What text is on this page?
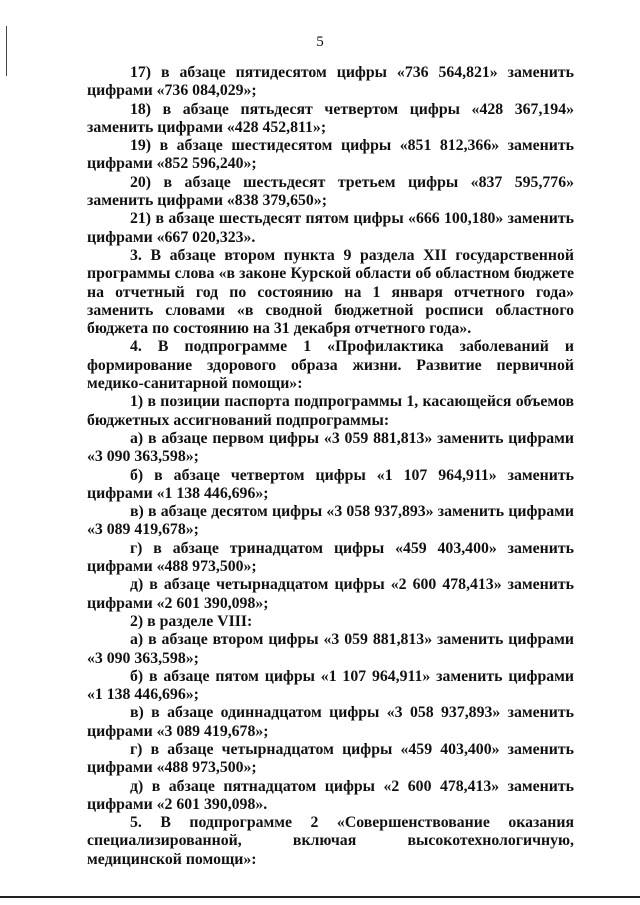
5

17) в абзаце пятидесятом цифры «736 564,821» заменить цифрами «736 084,029»;

18) в абзаце пятьдесят четвертом цифры «428 367,194» заменить цифрами «428 452,811»;

19) в абзаце шестидесятом цифры «851 812,366» заменить цифрами «852 596,240»;

20) в абзаце шестьдесят третьем цифры «837 595,776» заменить цифрами «838 379,650»;

21) в абзаце шестьдесят пятом цифры «666 100,180» заменить цифрами «667 020,323».

3. В абзаце втором пункта 9 раздела XII государственной программы слова «в законе Курской области об областном бюджете на отчетный год по состоянию на 1 января отчетного года» заменить словами «в сводной бюджетной росписи областного бюджета по состоянию на 31 декабря отчетного года».

4. В подпрограмме 1 «Профилактика заболеваний и формирование здорового образа жизни. Развитие первичной медико-санитарной помощи»:

1) в позиции паспорта подпрограммы 1, касающейся объемов бюджетных ассигнований подпрограммы:

а) в абзаце первом цифры «3 059 881,813» заменить цифрами «3 090 363,598»;

б) в абзаце четвертом цифры «1 107 964,911» заменить цифрами «1 138 446,696»;

в) в абзаце десятом цифры «3 058 937,893» заменить цифрами «3 089 419,678»;

г) в абзаце тринадцатом цифры «459 403,400» заменить цифрами «488 973,500»;

д) в абзаце четырнадцатом цифры «2 600 478,413» заменить цифрами «2 601 390,098»;

2) в разделе VIII:

а) в абзаце втором цифры «3 059 881,813» заменить цифрами «3 090 363,598»;

б) в абзаце пятом цифры «1 107 964,911» заменить цифрами «1 138 446,696»;

в) в абзаце одиннадцатом цифры «3 058 937,893» заменить цифрами «3 089 419,678»;

г) в абзаце четырнадцатом цифры «459 403,400» заменить цифрами «488 973,500»;

д) в абзаце пятнадцатом цифры «2 600 478,413» заменить цифрами «2 601 390,098».

5. В подпрограмме 2 «Совершенствование оказания специализированной, включая высокотехнологичную, медицинской помощи»:
